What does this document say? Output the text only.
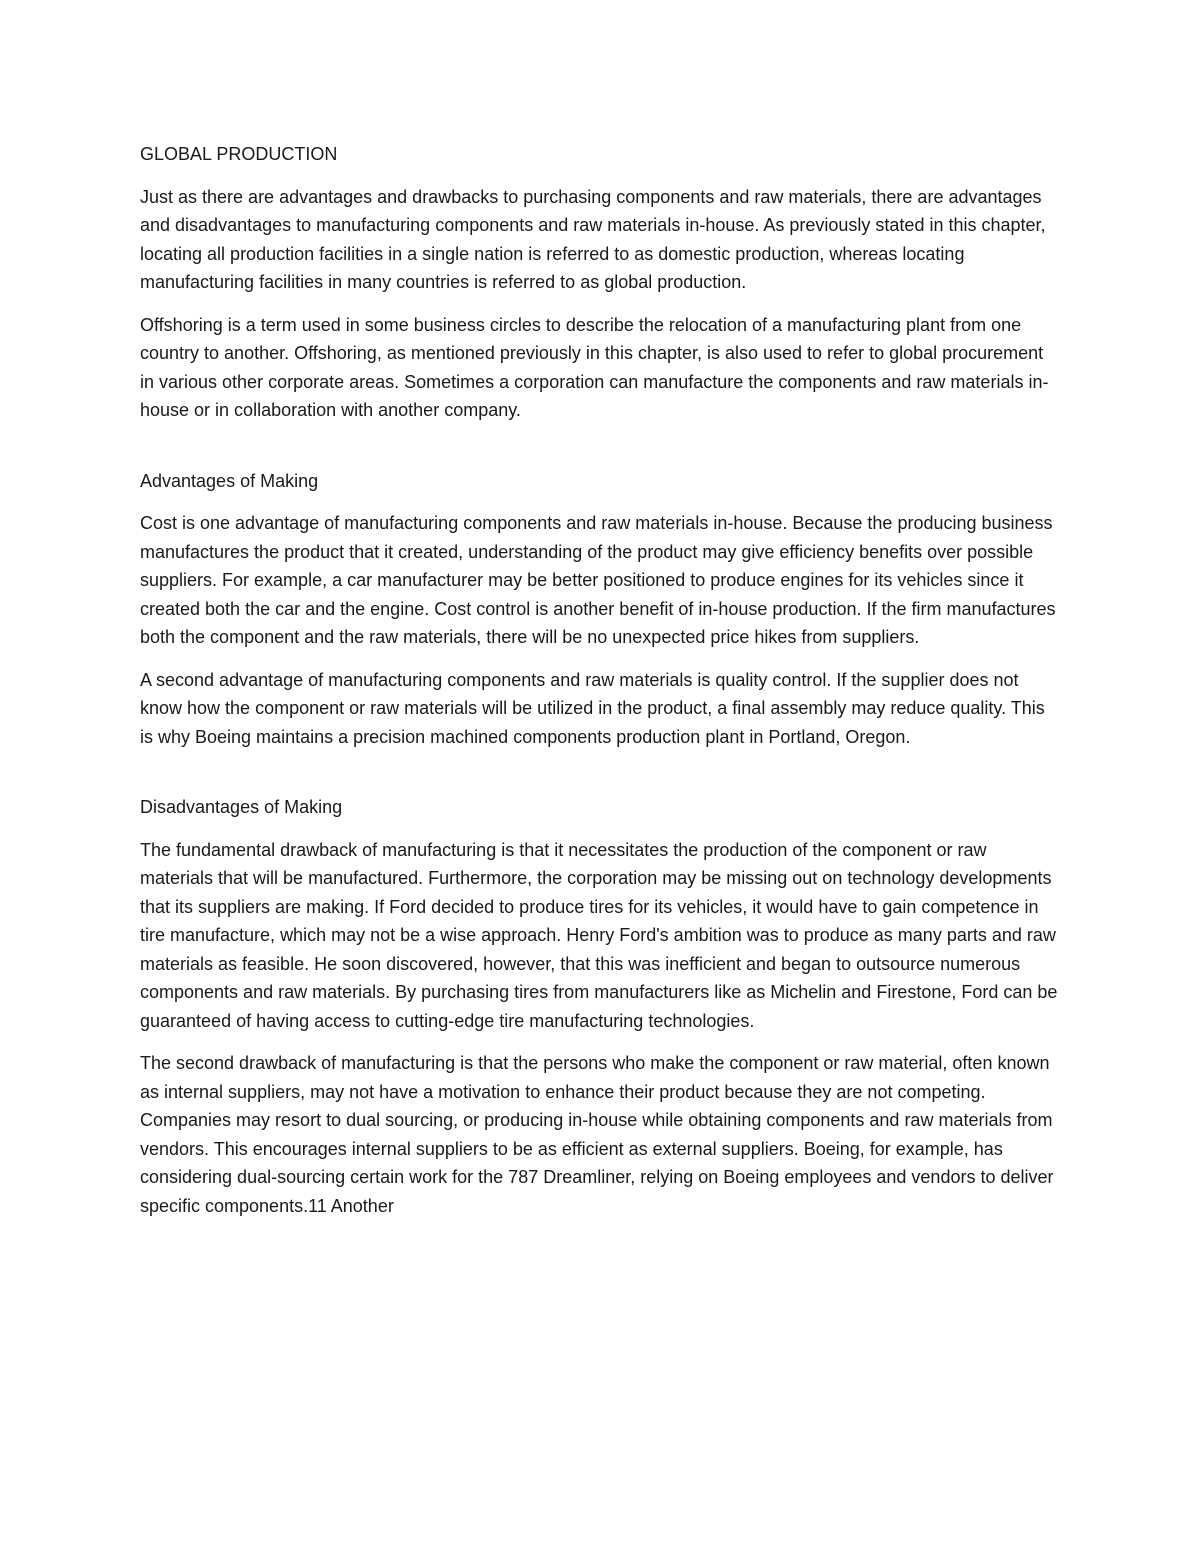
GLOBAL PRODUCTION

Just as there are advantages and drawbacks to purchasing components and raw materials, there are advantages and disadvantages to manufacturing components and raw materials in-house. As previously stated in this chapter, locating all production facilities in a single nation is referred to as domestic production, whereas locating manufacturing facilities in many countries is referred to as global production.

Offshoring is a term used in some business circles to describe the relocation of a manufacturing plant from one country to another. Offshoring, as mentioned previously in this chapter, is also used to refer to global procurement in various other corporate areas. Sometimes a corporation can manufacture the components and raw materials in-house or in collaboration with another company.

Advantages of Making

Cost is one advantage of manufacturing components and raw materials in-house. Because the producing business manufactures the product that it created, understanding of the product may give efficiency benefits over possible suppliers. For example, a car manufacturer may be better positioned to produce engines for its vehicles since it created both the car and the engine. Cost control is another benefit of in-house production. If the firm manufactures both the component and the raw materials, there will be no unexpected price hikes from suppliers.

A second advantage of manufacturing components and raw materials is quality control. If the supplier does not know how the component or raw materials will be utilized in the product, a final assembly may reduce quality. This is why Boeing maintains a precision machined components production plant in Portland, Oregon.

Disadvantages of Making

The fundamental drawback of manufacturing is that it necessitates the production of the component or raw materials that will be manufactured. Furthermore, the corporation may be missing out on technology developments that its suppliers are making. If Ford decided to produce tires for its vehicles, it would have to gain competence in tire manufacture, which may not be a wise approach. Henry Ford's ambition was to produce as many parts and raw materials as feasible. He soon discovered, however, that this was inefficient and began to outsource numerous components and raw materials. By purchasing tires from manufacturers like as Michelin and Firestone, Ford can be guaranteed of having access to cutting-edge tire manufacturing technologies.

The second drawback of manufacturing is that the persons who make the component or raw material, often known as internal suppliers, may not have a motivation to enhance their product because they are not competing. Companies may resort to dual sourcing, or producing in-house while obtaining components and raw materials from vendors. This encourages internal suppliers to be as efficient as external suppliers. Boeing, for example, has considering dual-sourcing certain work for the 787 Dreamliner, relying on Boeing employees and vendors to deliver specific components.11 Another
